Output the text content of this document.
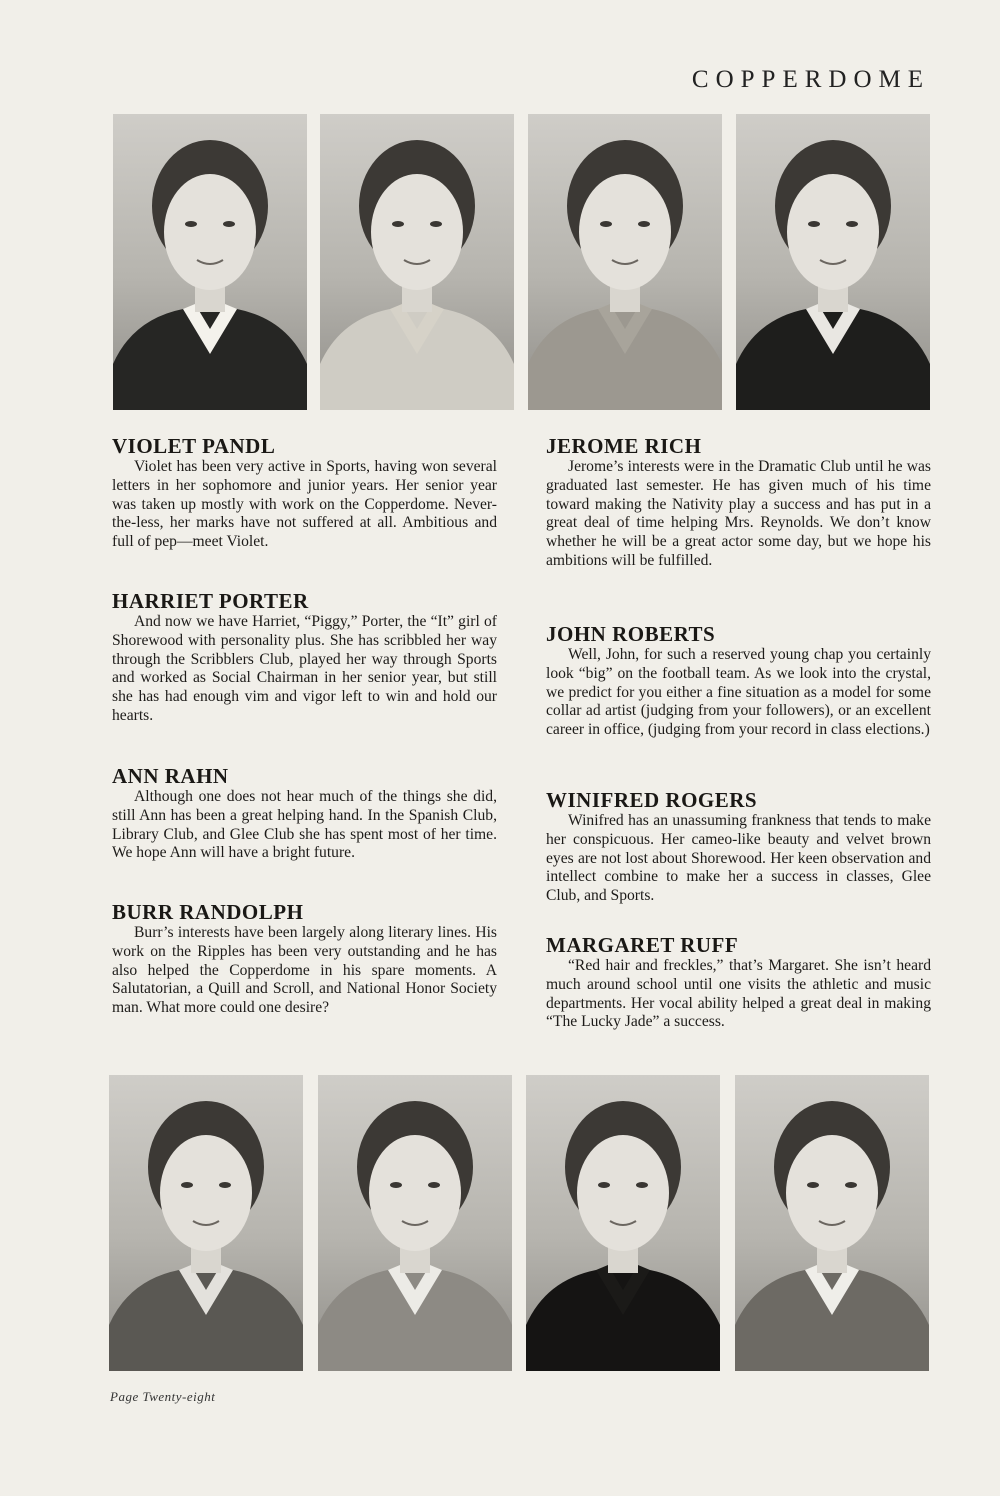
COPPERDOME
VIOLET PANDL

Violet has been very active in Sports, having won several letters in her sophomore and junior years. Her senior year was taken up mostly with work on the Copperdome. Never-the-less, her marks have not suffered at all. Ambitious and full of pep—meet Violet.

HARRIET PORTER

And now we have Harriet, “Piggy,” Porter, the “It” girl of Shorewood with personality plus. She has scribbled her way through the Scribblers Club, played her way through Sports and worked as Social Chairman in her senior year, but still she has had enough vim and vigor left to win and hold our hearts.

ANN RAHN

Although one does not hear much of the things she did, still Ann has been a great helping hand. In the Spanish Club, Library Club, and Glee Club she has spent most of her time. We hope Ann will have a bright future.

BURR RANDOLPH

Burr’s interests have been largely along literary lines. His work on the Ripples has been very outstanding and he has also helped the Copperdome in his spare moments. A Salutatorian, a Quill and Scroll, and National Honor Society man. What more could one desire?

JEROME RICH

Jerome’s interests were in the Dramatic Club until he was graduated last semester. He has given much of his time toward making the Nativity play a success and has put in a great deal of time helping Mrs. Reynolds. We don’t know whether he will be a great actor some day, but we hope his ambitions will be fulfilled.

JOHN ROBERTS

Well, John, for such a reserved young chap you certainly look “big” on the football team. As we look into the crystal, we predict for you either a fine situation as a model for some collar ad artist (judging from your followers), or an excellent career in office, (judging from your record in class elections.)

WINIFRED ROGERS

Winifred has an unassuming frankness that tends to make her conspicuous. Her cameo-like beauty and velvet brown eyes are not lost about Shorewood. Her keen observation and intellect combine to make her a success in classes, Glee Club, and Sports.

MARGARET RUFF

“Red hair and freckles,” that’s Margaret. She isn’t heard much around school until one visits the athletic and music departments. Her vocal ability helped a great deal in making “The Lucky Jade” a success.

Page Twenty-eight
